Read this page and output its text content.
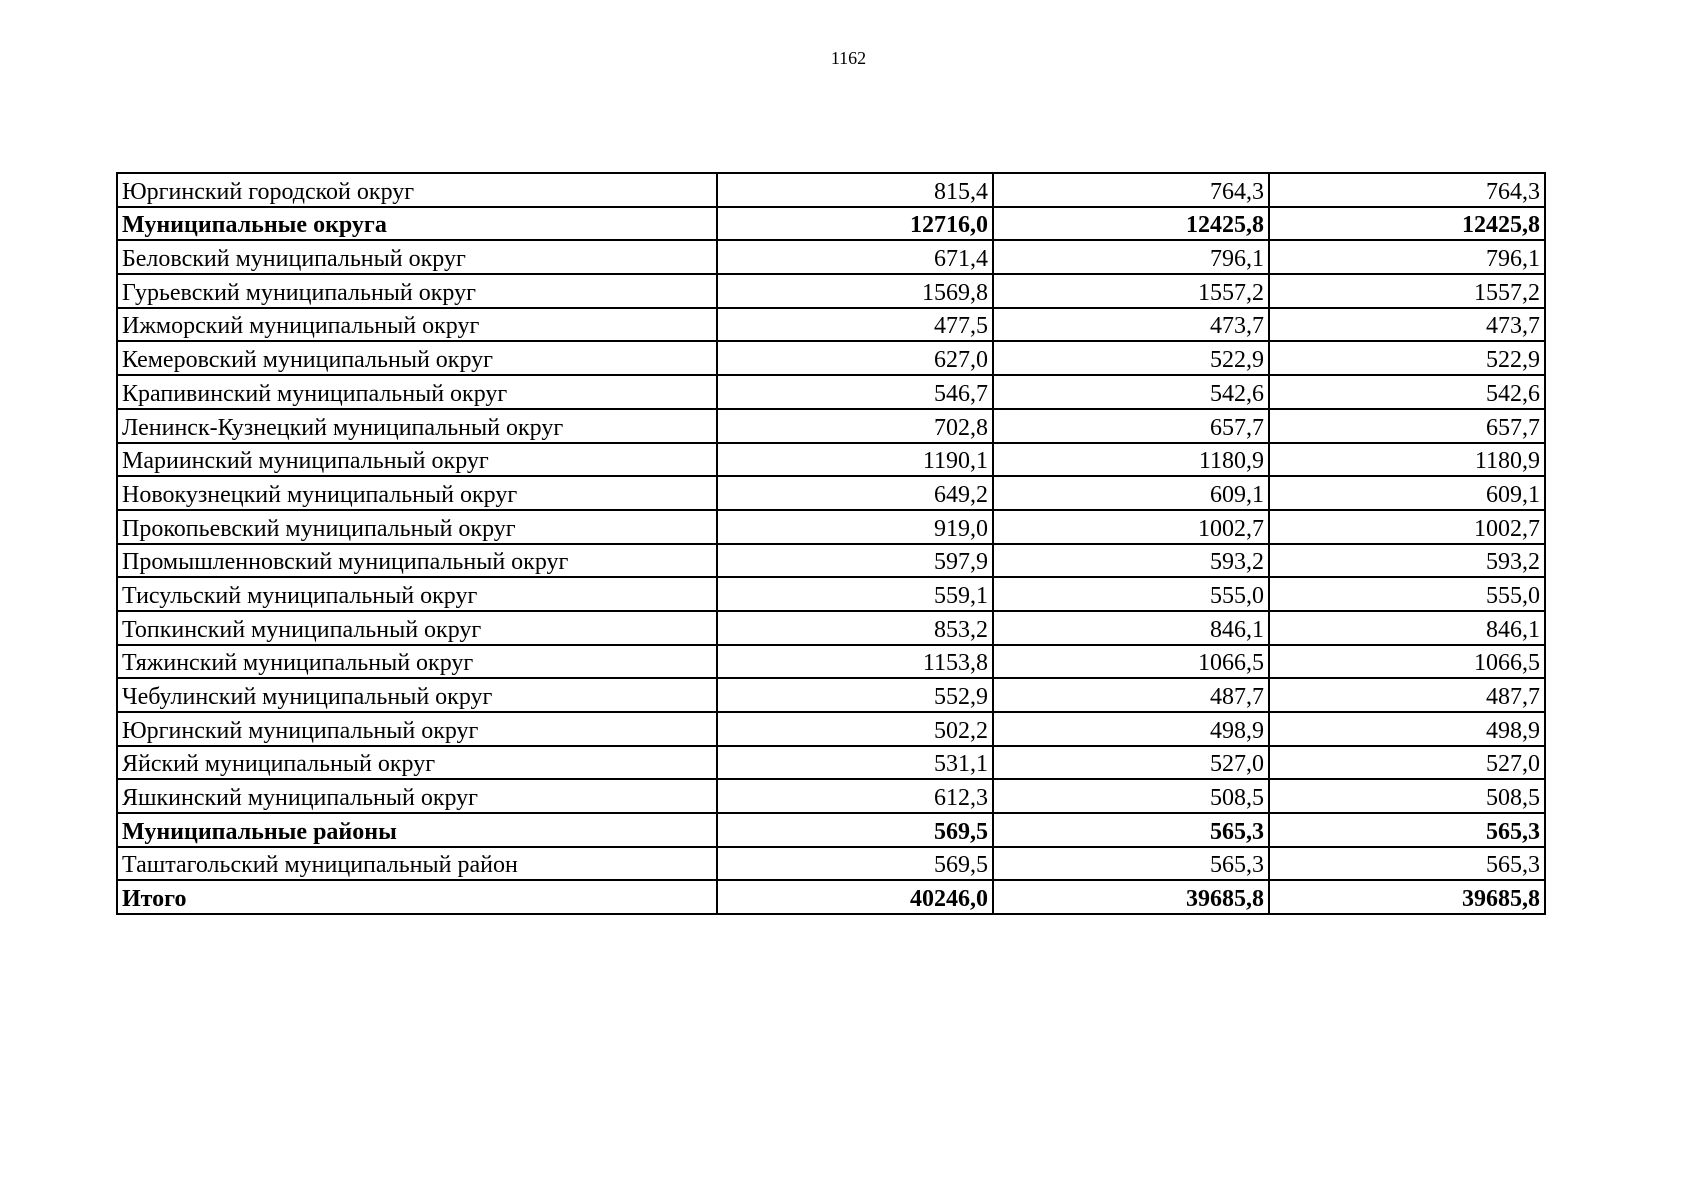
1162
Юргинский городской округ	815,4	764,3	764,3
Муниципальные округа	12716,0	12425,8	12425,8
Беловский муниципальный округ	671,4	796,1	796,1
Гурьевский муниципальный округ	1569,8	1557,2	1557,2
Ижморский муниципальный округ	477,5	473,7	473,7
Кемеровский муниципальный округ	627,0	522,9	522,9
Крапивинский муниципальный округ	546,7	542,6	542,6
Ленинск-Кузнецкий муниципальный округ	702,8	657,7	657,7
Мариинский муниципальный округ	1190,1	1180,9	1180,9
Новокузнецкий муниципальный округ	649,2	609,1	609,1
Прокопьевский муниципальный округ	919,0	1002,7	1002,7
Промышленновский муниципальный округ	597,9	593,2	593,2
Тисульский муниципальный округ	559,1	555,0	555,0
Топкинский муниципальный округ	853,2	846,1	846,1
Тяжинский муниципальный округ	1153,8	1066,5	1066,5
Чебулинский муниципальный округ	552,9	487,7	487,7
Юргинский муниципальный округ	502,2	498,9	498,9
Яйский муниципальный округ	531,1	527,0	527,0
Яшкинский муниципальный округ	612,3	508,5	508,5
Муниципальные районы	569,5	565,3	565,3
Таштагольский муниципальный район	569,5	565,3	565,3
Итого	40246,0	39685,8	39685,8
